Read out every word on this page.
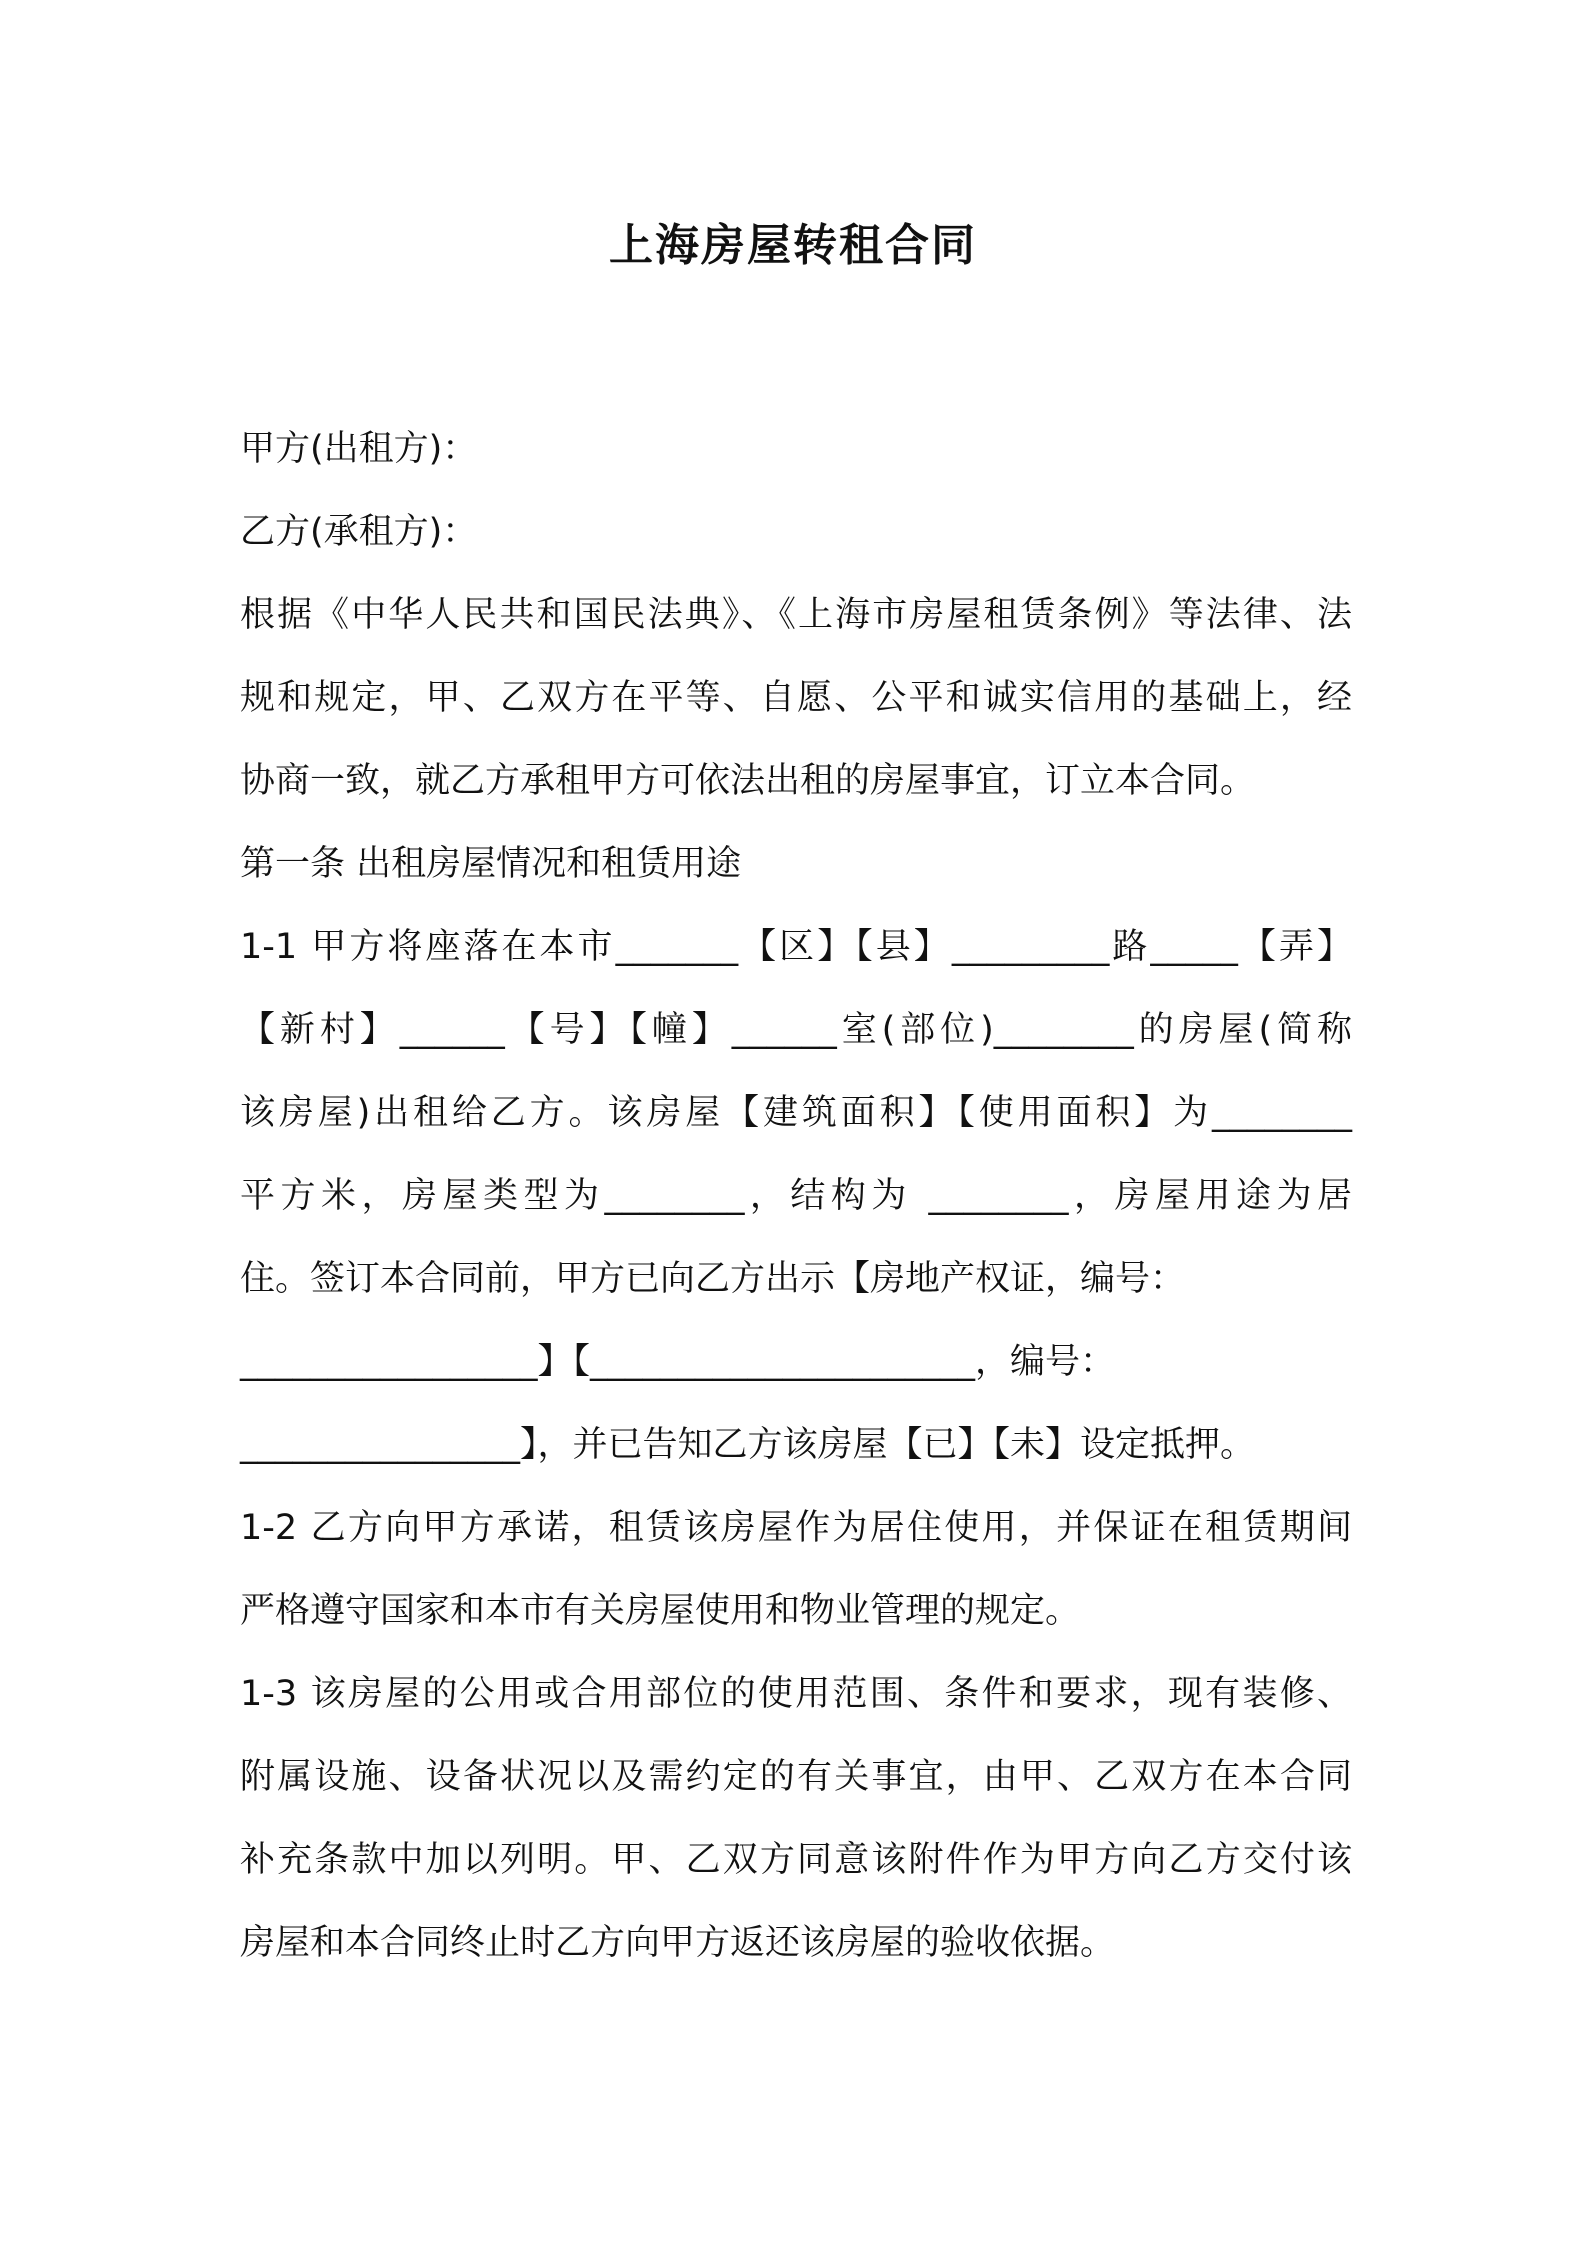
上海房屋转租合同
甲方(出租方)：
乙方(承租方)：
根据《中华人民共和国民法典》、《上海市房屋租赁条例》等法律、法
规和规定，甲、乙双方在平等、自愿、公平和诚实信用的基础上，经
协商一致，就乙方承租甲方可依法出租的房屋事宜，订立本合同。
第一条 出租房屋情况和租赁用途
1-1 甲方将座落在本市_______【区】【县】_________路_____【弄】
【新村】______【号】【幢】______室(部位)________的房屋(简称
该房屋)出租给乙方。该房屋【建筑面积】【使用面积】为________
平方米，房屋类型为________，结构为 ________，房屋用途为居
住。签订本合同前，甲方已向乙方出示【房地产权证，编号：
_________________】【______________________，编号：
________________】，并已告知乙方该房屋【已】【未】设定抵押。
1-2 乙方向甲方承诺，租赁该房屋作为居住使用，并保证在租赁期间
严格遵守国家和本市有关房屋使用和物业管理的规定。
1-3 该房屋的公用或合用部位的使用范围、条件和要求，现有装修、
附属设施、设备状况以及需约定的有关事宜，由甲、乙双方在本合同
补充条款中加以列明。甲、乙双方同意该附件作为甲方向乙方交付该
房屋和本合同终止时乙方向甲方返还该房屋的验收依据。
